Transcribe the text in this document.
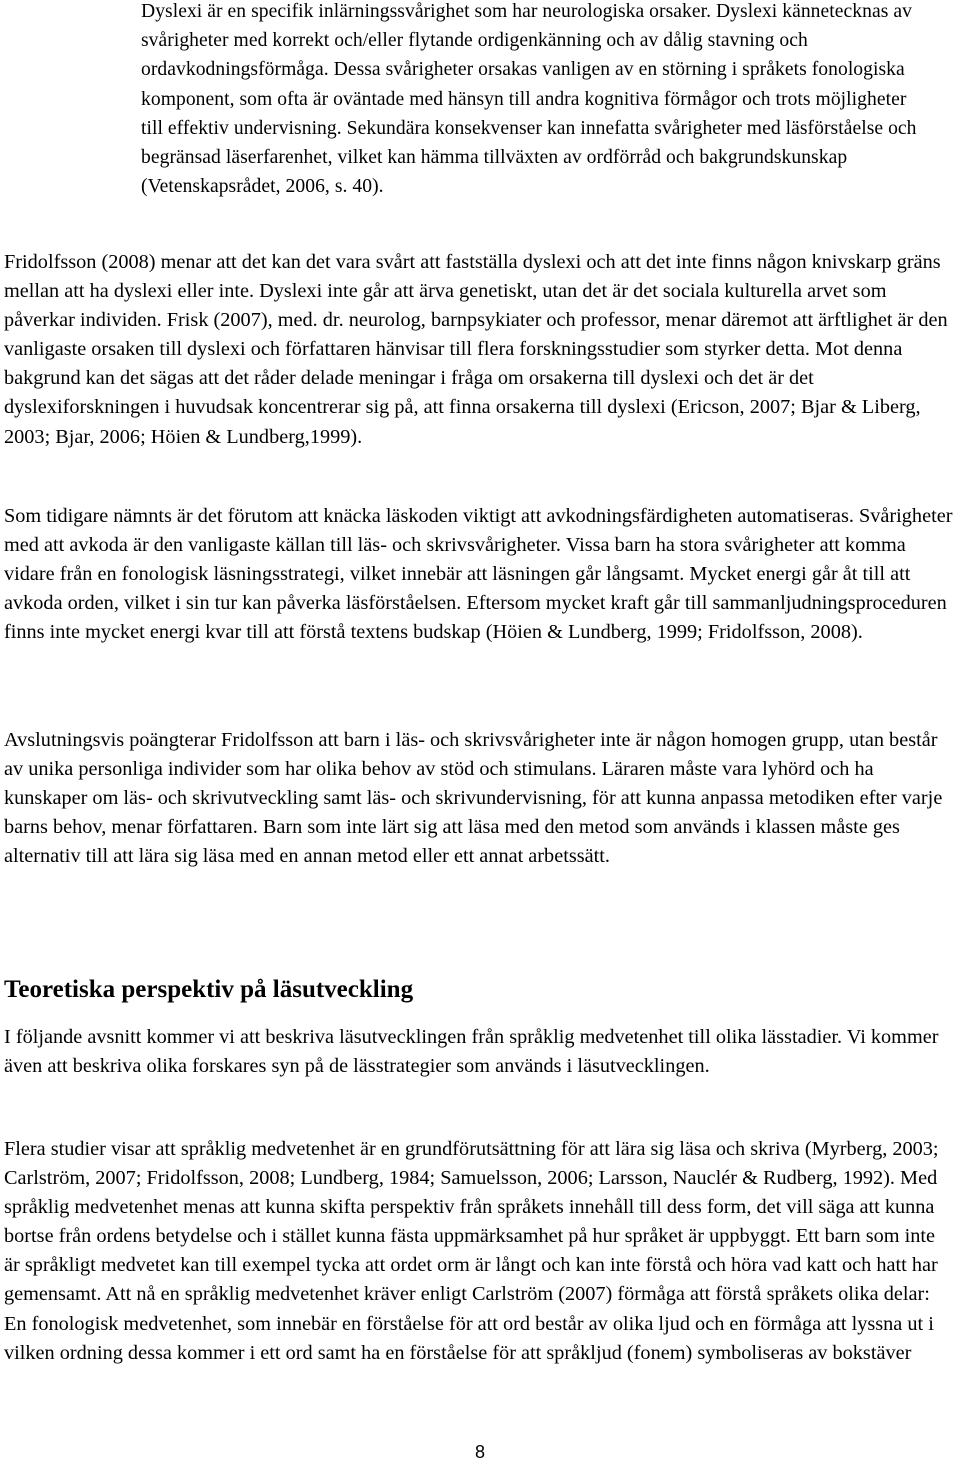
Dyslexi är en specifik inlärningssvårighet som har neurologiska orsaker. Dyslexi kännetecknas av svårigheter med korrekt och/eller flytande ordigenkänning och av dålig stavning och ordavkodningsförmåga. Dessa svårigheter orsakas vanligen av en störning i språkets fonologiska komponent, som ofta är oväntade med hänsyn till andra kognitiva förmågor och trots möjligheter till effektiv undervisning. Sekundära konsekvenser kan innefatta svårigheter med läsförståelse och begränsad läserfarenhet, vilket kan hämma tillväxten av ordförråd och bakgrundskunskap (Vetenskapsrådet, 2006, s. 40).

Fridolfsson (2008) menar att det kan det vara svårt att fastställa dyslexi och att det inte finns någon knivskarp gräns mellan att ha dyslexi eller inte. Dyslexi inte går att ärva genetiskt, utan det är det sociala kulturella arvet som påverkar individen. Frisk (2007), med. dr. neurolog, barnpsykiater och professor, menar däremot att ärftlighet är den vanligaste orsaken till dyslexi och författaren hänvisar till flera forskningsstudier som styrker detta. Mot denna bakgrund kan det sägas att det råder delade meningar i fråga om orsakerna till dyslexi och det är det dyslexiforskningen i huvudsak koncentrerar sig på, att finna orsakerna till dyslexi (Ericson, 2007; Bjar & Liberg, 2003; Bjar, 2006; Höien & Lundberg,1999).

Som tidigare nämnts är det förutom att knäcka läskoden viktigt att avkodningsfärdigheten automatiseras. Svårigheter med att avkoda är den vanligaste källan till läs- och skrivsvårigheter. Vissa barn ha stora svårigheter att komma vidare från en fonologisk läsningsstrategi, vilket innebär att läsningen går långsamt. Mycket energi går åt till att avkoda orden, vilket i sin tur kan påverka läsförståelsen. Eftersom mycket kraft går till sammanljudningsproceduren finns inte mycket energi kvar till att förstå textens budskap (Höien & Lundberg, 1999; Fridolfsson, 2008).

Avslutningsvis poängterar Fridolfsson att barn i läs- och skrivsvårigheter inte är någon homogen grupp, utan består av unika personliga individer som har olika behov av stöd och stimulans. Läraren måste vara lyhörd och ha kunskaper om läs- och skrivutveckling samt läs- och skrivundervisning, för att kunna anpassa metodiken efter varje barns behov, menar författaren. Barn som inte lärt sig att läsa med den metod som används i klassen måste ges alternativ till att lära sig läsa med en annan metod eller ett annat arbetssätt.

Teoretiska perspektiv på läsutveckling

I följande avsnitt kommer vi att beskriva läsutvecklingen från språklig medvetenhet till olika lässtadier. Vi kommer även att beskriva olika forskares syn på de lässtrategier som används i läsutvecklingen.

Flera studier visar att språklig medvetenhet är en grundförutsättning för att lära sig läsa och skriva (Myrberg, 2003; Carlström, 2007; Fridolfsson, 2008; Lundberg, 1984; Samuelsson, 2006; Larsson, Nauclér & Rudberg, 1992). Med språklig medvetenhet menas att kunna skifta perspektiv från språkets innehåll till dess form, det vill säga att kunna bortse från ordens betydelse och i stället kunna fästa uppmärksamhet på hur språket är uppbyggt. Ett barn som inte är språkligt medvetet kan till exempel tycka att ordet orm är långt och kan inte förstå och höra vad katt och hatt har gemensamt. Att nå en språklig medvetenhet kräver enligt Carlström (2007) förmåga att förstå språkets olika delar: En fonologisk medvetenhet, som innebär en förståelse för att ord består av olika ljud och en förmåga att lyssna ut i vilken ordning dessa kommer i ett ord samt ha en förståelse för att språkljud (fonem) symboliseras av bokstäver

8
